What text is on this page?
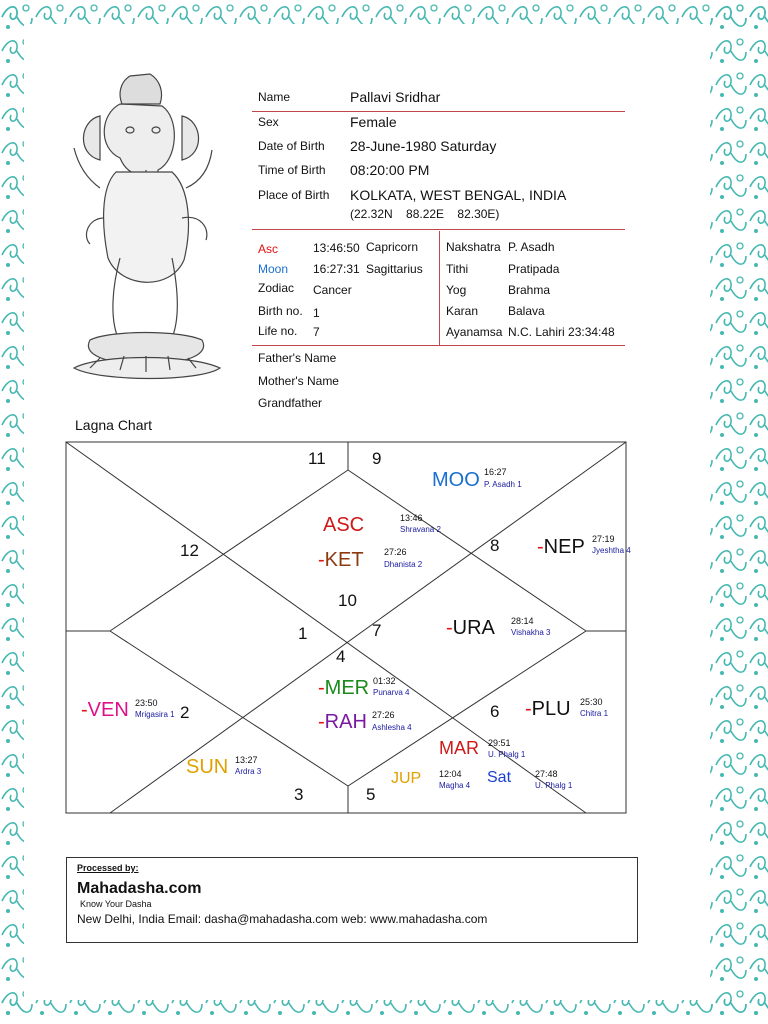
Name	Pallavi Sridhar
Sex	Female
Date of Birth 28-June-1980 Saturday
Time of Birth 08:20:00 PM
Place of Birth KOLKATA, WEST BENGAL, INDIA
(22.32N    88.22E    82.30E)
Asc	13:46:50 Capricorn
Moon 16:27:31 Sagittarius
Zodiac Cancer
Birth no. 1
Life no. 7
Nakshatra P. Asadh
Tithi	Pratipada
Yog	Brahma
Karan Balava
Ayanamsa N.C. Lahiri 23:34:48
Father's Name
Mother's Name
Grandfather
Lagna Chart
11	9
12	8
10
1	7
4
2	6
3	5
MOO 16:27
P. Asadh 1
ASC	13:46
Shravana 2
-KET 27:26
Dhanista 2
-NEP 27:19
Jyeshtha 4
-URA 28:14
Vishakha 3
-MER 01:32
Punarva 4
-RAH 27:26
Ashlesha 4
-VEN 23:50
Mrigasira 1	-PLU 25:30
Chitra 1
MAR 29:51
U. Phalg 1
SUN 13:27
Ardra 3	JUP 12:04
Magha 4 Sat	27:48
U. Phalg 1
Processed by:
Mahadasha.com
Know Your Dasha
New Delhi, India Email: dasha@mahadasha.com web: www.mahadasha.com
